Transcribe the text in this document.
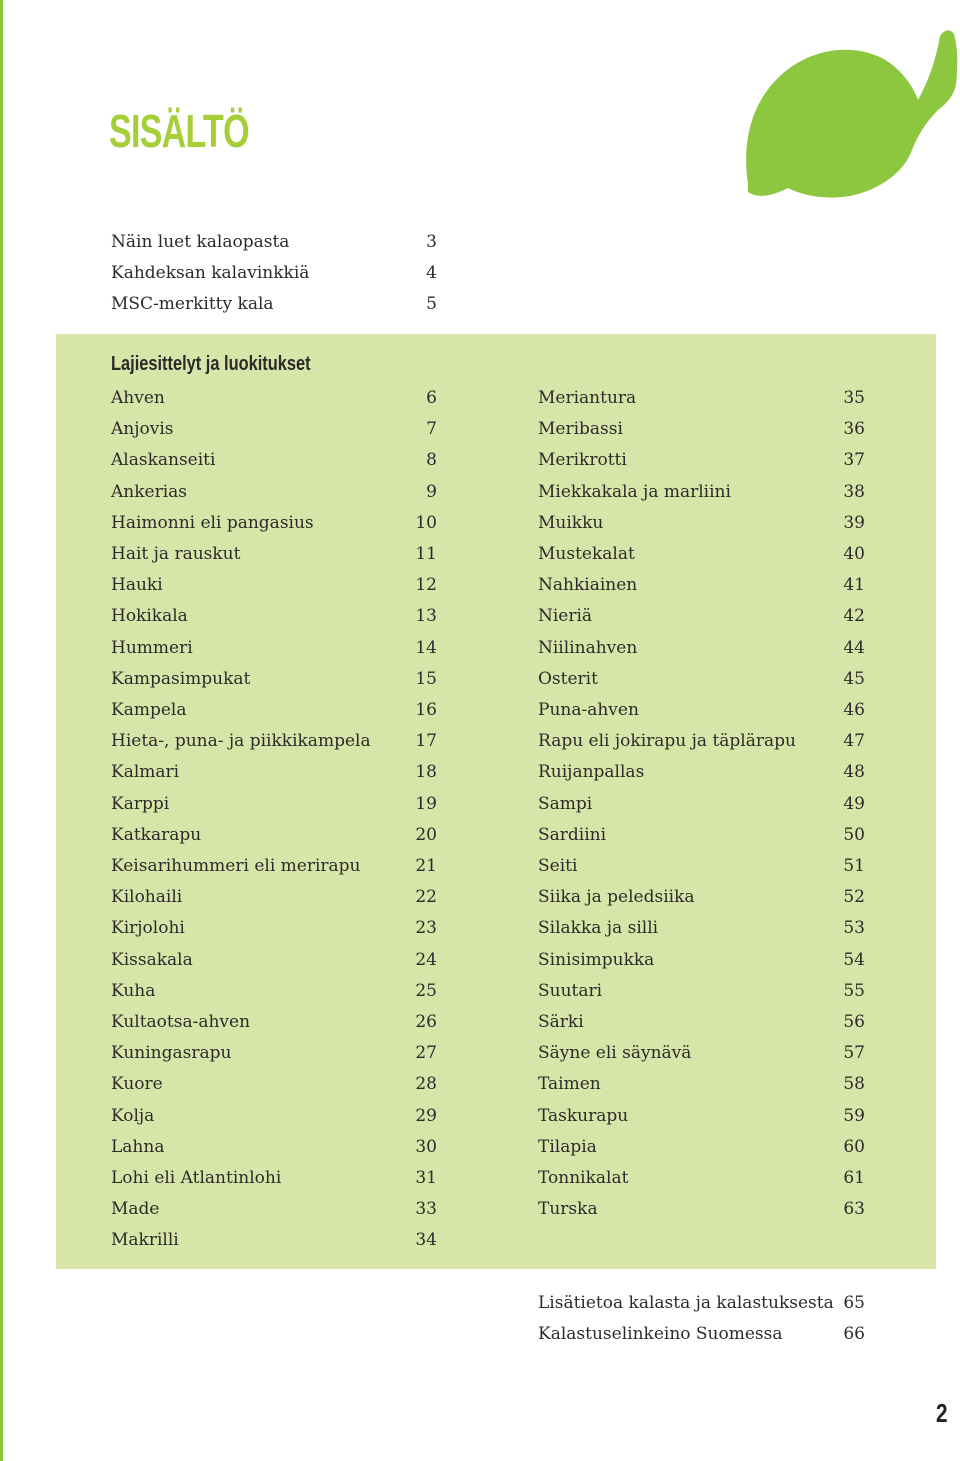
SISÄLTÖ
Näin luet kalaopasta	3
Kahdeksan kalavinkkiä	4
MSC-merkitty kala	5
Lajiesittelyt ja luokitukset
Ahven	6
Anjovis	7
Alaskanseiti	8
Ankerias	9
Haimonni eli pangasius	10
Hait ja rauskut	11
Hauki	12
Hokikala	13
Hummeri	14
Kampasimpukat	15
Kampela	16
Hieta-, puna- ja piikkikampela	17
Kalmari	18
Karppi	19
Katkarapu	20
Keisarihummeri eli merirapu	21
Kilohaili	22
Kirjolohi	23
Kissakala	24
Kuha	25
Kultaotsa-ahven	26
Kuningasrapu	27
Kuore	28
Kolja	29
Lahna	30
Lohi eli Atlantinlohi	31
Made	33
Makrilli	34
Meriantura	35
Meribassi	36
Merikrotti	37
Miekkakala ja marliini	38
Muikku	39
Mustekalat	40
Nahkiainen	41
Nieriä	42
Niilinahven	44
Osterit	45
Puna-ahven	46
Rapu eli jokirapu ja täplärapu	47
Ruijanpallas	48
Sampi	49
Sardiini	50
Seiti	51
Siika ja peledsiika	52
Silakka ja silli	53
Sinisimpukka	54
Suutari	55
Särki	56
Säyne eli säynävä	57
Taimen	58
Taskurapu	59
Tilapia	60
Tonnikalat	61
Turska	63
Lisätietoa kalasta ja kalastuksesta 65
Kalastuselinkeino Suomessa	66
2
